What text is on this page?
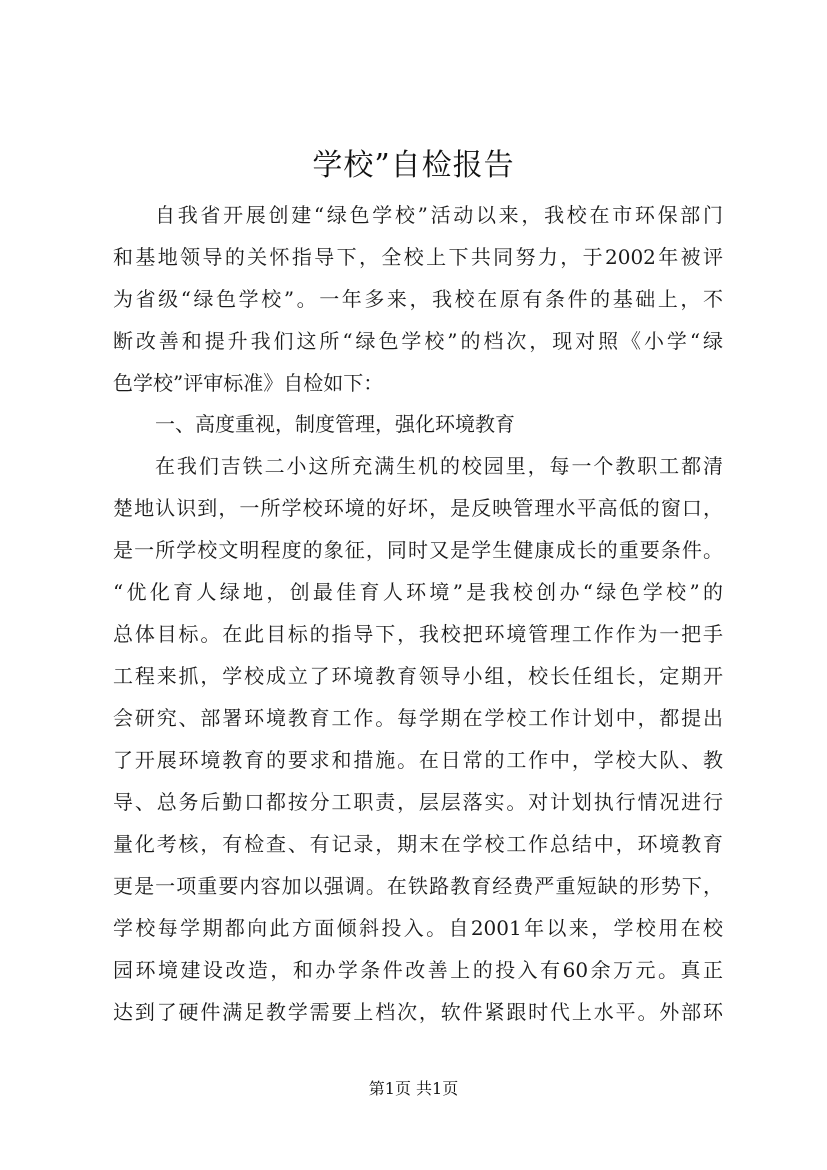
学校”自检报告
自我省开展创建“绿色学校”活动以来，我校在市环保部门
和基地领导的关怀指导下，全校上下共同努力，于2002年被评
为省级“绿色学校”。一年多来，我校在原有条件的基础上，不
断改善和提升我们这所“绿色学校”的档次，现对照《小学“绿
色学校”评审标准》自检如下：
一、高度重视，制度管理，强化环境教育
在我们吉铁二小这所充满生机的校园里，每一个教职工都清
楚地认识到，一所学校环境的好坏，是反映管理水平高低的窗口，
是一所学校文明程度的象征，同时又是学生健康成长的重要条件。
“优化育人绿地，创最佳育人环境”是我校创办“绿色学校”的
总体目标。在此目标的指导下，我校把环境管理工作作为一把手
工程来抓，学校成立了环境教育领导小组，校长任组长，定期开
会研究、部署环境教育工作。每学期在学校工作计划中，都提出
了开展环境教育的要求和措施。在日常的工作中，学校大队、教
导、总务后勤口都按分工职责，层层落实。对计划执行情况进行
量化考核，有检查、有记录，期末在学校工作总结中，环境教育
更是一项重要内容加以强调。在铁路教育经费严重短缺的形势下，
学校每学期都向此方面倾斜投入。自2001年以来，学校用在校
园环境建设改造，和办学条件改善上的投入有60余万元。真正
达到了硬件满足教学需要上档次，软件紧跟时代上水平。外部环
第1页 共1页
